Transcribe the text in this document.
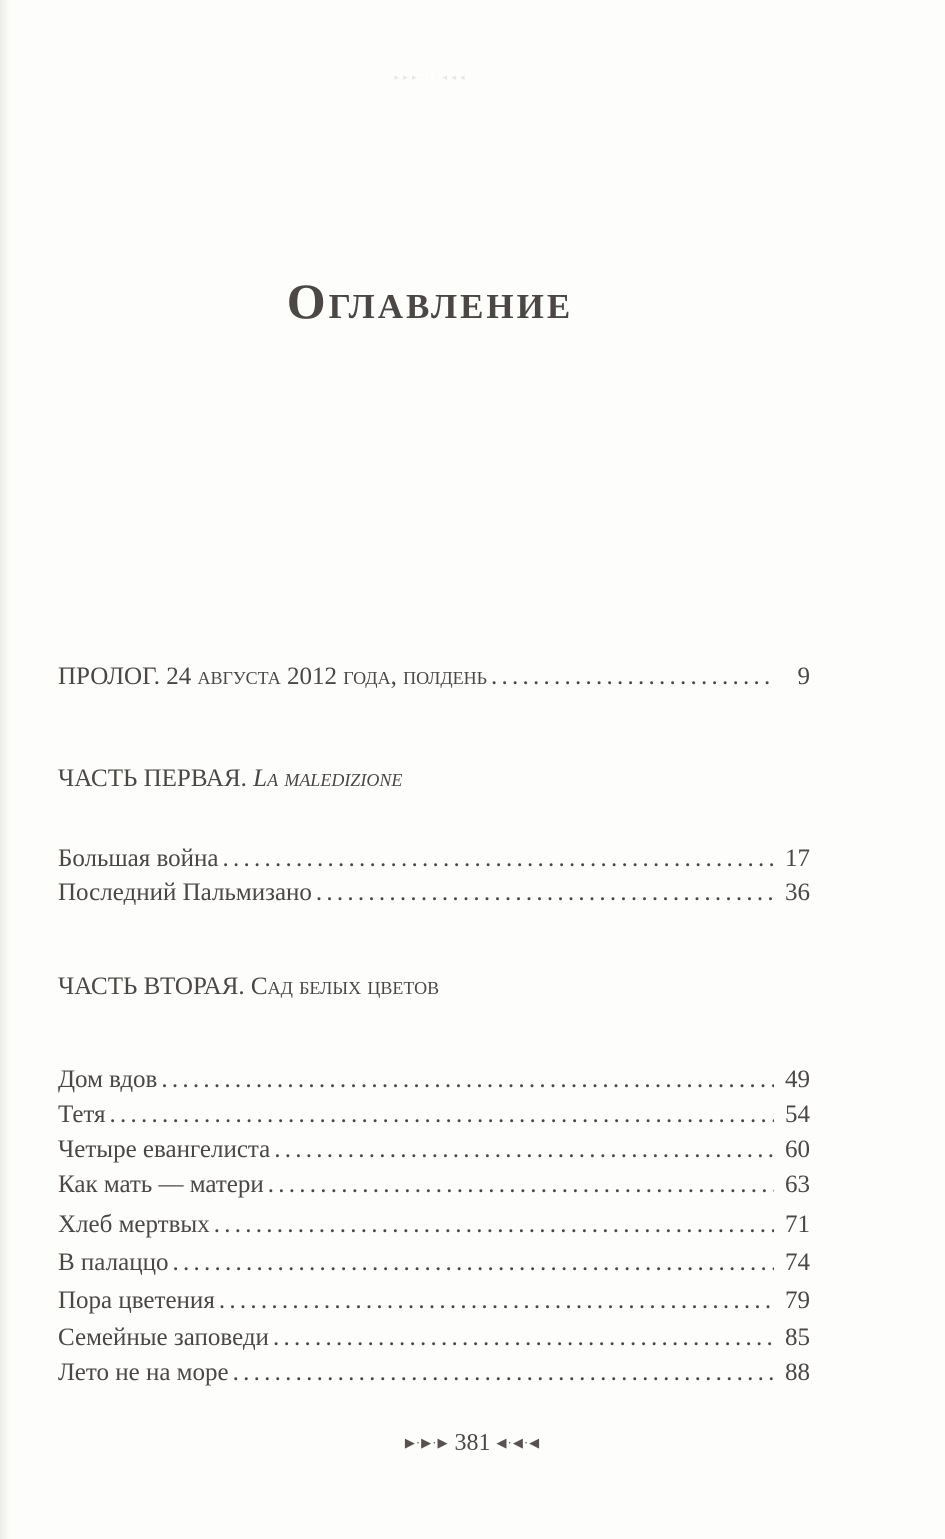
▸ ▸ ▸ · · · ◂ ◂ ◂
Оглавление
ПРОЛОГ. 24 августа 2012 года, полдень . . .	9
ЧАСТЬ ПЕРВАЯ. La maledizione
Большая война . . .	17
Последний Пальмизано . . .	36
ЧАСТЬ ВТОРАЯ. Сад белых цветов
Дом вдов . . .	49
Тетя . . .	54
Четыре евангелиста . . .	60
Как мать — матери . . .	63
Хлеб мертвых . . .	71
В палаццо . . .	74
Пора цветения . . .	79
Семейные заповеди . . .	85
Лето не на море . . .	88
▶·▶·▶ 381 ◀·◀·◀
